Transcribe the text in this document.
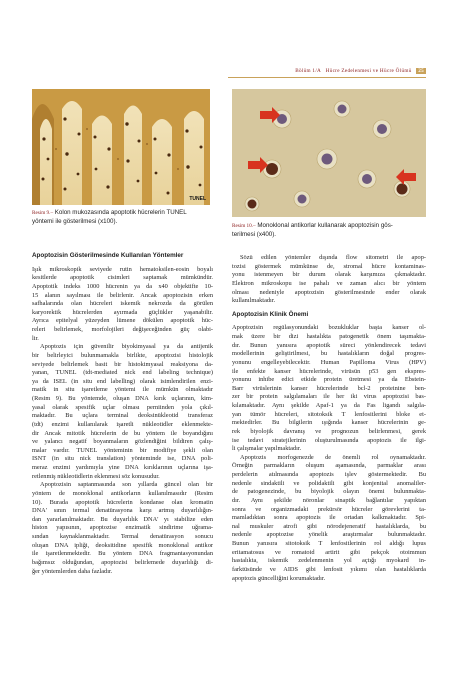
Bölüm 1/A Hücre Zedelenmesi ve Hücre Ölümü 25
TUNEL
Resim 9.– Kolon mukozasında apoptotik hücrelerin TUNEL
yöntemi ile gösterilmesi (x100).
Resim 10.– Monoklonal antikorlar kullanarak apoptozisin gös-
terilmesi (x400).
Apoptozisin Gösterilmesinde Kullanılan Yöntemler
Işık mikroskopik seviyede rutin hematoksilen-eosin boyalı
kesitlerde apoptotik cisimleri saptamak mümkündür.
Apoptotik indeks 1000 hücrenin ya da x40 objektifte 10-
15 alanın sayılması ile belirlenir. Ancak apoptozisin erken
safhalarında olan hücreleri iskemik nekrozda da görülen
karyorektik hücrelerden ayırmada güçlükler yaşanabilir.
Ayrıca epitelyal yüzeyden lümene dökülen apoptotik hüc-
releri belirlemek, morfolojileri değişeceğinden güç olabi-
lir.
Apoptozis için güvenilir biyokimyasal ya da antijenik
bir belirleyici bulunmamakla birlikte, apoptozisi histolojik
seviyede belirlemek basit bir histokimyasal reaksiyona da-
yanan, TUNEL (tdt-mediated nick end labeling technique)
ya da ISEL (in situ end labelling) olarak isimlendirilen enzi-
matik in situ işaretleme yöntemi ile mümkün olmaktadır
(Resim 9). Bu yöntemde, oluşan DNA kırık uçlarının, kim-
yasal olarak spesifik uçlar olması perniinden yola çıkıl-
maktadır. Bu uçlara terminal deoksinükleotid transferaz
(tdt) enzimi kullanılarak işaretli nükleotidler eklenmekte-
dir Ancak mitotik hücrelerin de bu yöntem ile boyandığını
ve yalancı negatif boyanmaların gözlendiğini bildiren çalış-
malar vardır. TUNEL yönteminin bir modifiye şekli olan
ISNT (in situ nick translation) yönteminde ise, DNA poli-
meraz enzimi yardımıyla yine DNA kırıklarının uçlarına işa-
retlenmiş nükleotidlerin eklenmesi söz konusudur.
Apoptozisin saptanmasında son yıllarda güncel olan bir
yöntem de monoklonal antikorların kullanılmasıdır (Resim
10). Burada apoptotik hücrelerin kondanse olan kromatin
DNA' sının termal denatürasyona karşı artmış duyarlılığın-
dan yararlanılmaktadır. Bu duyarlılık DNA' yı stabilize eden
histon yapısının, apoptozise enzimatik sindirime uğrama-
sından kaynaklanmaktadır. Termal denatürasyon sonucu
oluşan DNA ipliği, deoksitidine spesifik monoklonal antikor
ile işaretlenmektedir. Bu yöntem DNA fragmantasyonundan
bağımsız olduğundan, apoptozisi belirlemede duyarlılığı di-
ğer yöntemlerden daha fazladır.
Sözü edilen yöntemler dışında flow sitometri ile apop-
tozisi göstermek mümkünse de, stromal hücre kontaminas-
yonu istenmeyen bir durum olarak karşımıza çıkmaktadır.
Elektron mikroskopu ise pahalı ve zaman alıcı bir yöntem
olması nedeniyle apoptozisin gösterilmesinde ender olarak
kullanılmaktadır.
Apoptozisin Klinik Önemi
Apoptozisin regülasyonundaki bozukluklar başta kanser ol-
mak üzere bir dizi hastalıkta patogenetik önem taşımakta-
dır. Bunun yanısıra apoptotik süreci yönlendirecek tedavi
modellerinin geliştirilmesi, bu hastalıkların doğal progres-
yonunu engelleyebilecektir. Human Papilloma Virus (HPV)
ile enfekte kanser hücrelerinde, virüsün p53 gen ekspres-
yonunu inhibe edici etkide protein üretmesi ya da Ebstein-
Barr virüslerinin kanser hücrelerinde bcl-2 proteinine ben-
zer bir protein salgılamaları ile her iki virus apoptozisi bas-
kılamaktadır. Aynı şekilde Apaf-1 ya da Fas ligandı salgıla-
yan tümör hücreleri, sitotoksik T lenfositlerini bloke et-
mektedirler. Bu bilgilerin ışığında kanser hücrelerinin ge-
rek biyolojik davranış ve prognozun belirlenmesi, gerek
ise tedavi stratejilerinin oluşturulmasında apoptozis ile ilgi-
li çalışmalar yapılmaktadır.
Apoptozis morfogenezde de önemli rol oynamaktadır.
Örneğin parmakların oluşum aşamasında, parmaklar arası
perdelerin atılmasında apoptozis işlev göstermektedir. Bu
nedenle sindaktili ve polidaktili gibi konjenital anomaliler-
de patogenezinde, bu biyolojik olayın önemi bulunmakta-
dır. Aynı şekilde nöronlar sinaptik bağlantılar yapıktan
sonra ve organizmadaki prekürsör hücreler görevlerini ta-
mamladıktan sonra apoptozis ile ortadan kalkmaktadır. Spi-
nal muskuler atrofi gibi nörodejeneratif hastalıklarda, bu
nedenle apoptozise yönelik araştırmalar bulunmaktadır.
Bunun yanısıra sitotoksik T lenfositlerinin rol aldığı lupus
eritamatosus ve romatoid artirit gibi pekçok otoimmun
hastalıkta, iskemik zedelenmenin yol açtığı myokard in-
farktüsünde ve AIDS gibi lenfosit yıkımı olan hastalıklarda
apoptozis güncelliğini korumaktadır.
